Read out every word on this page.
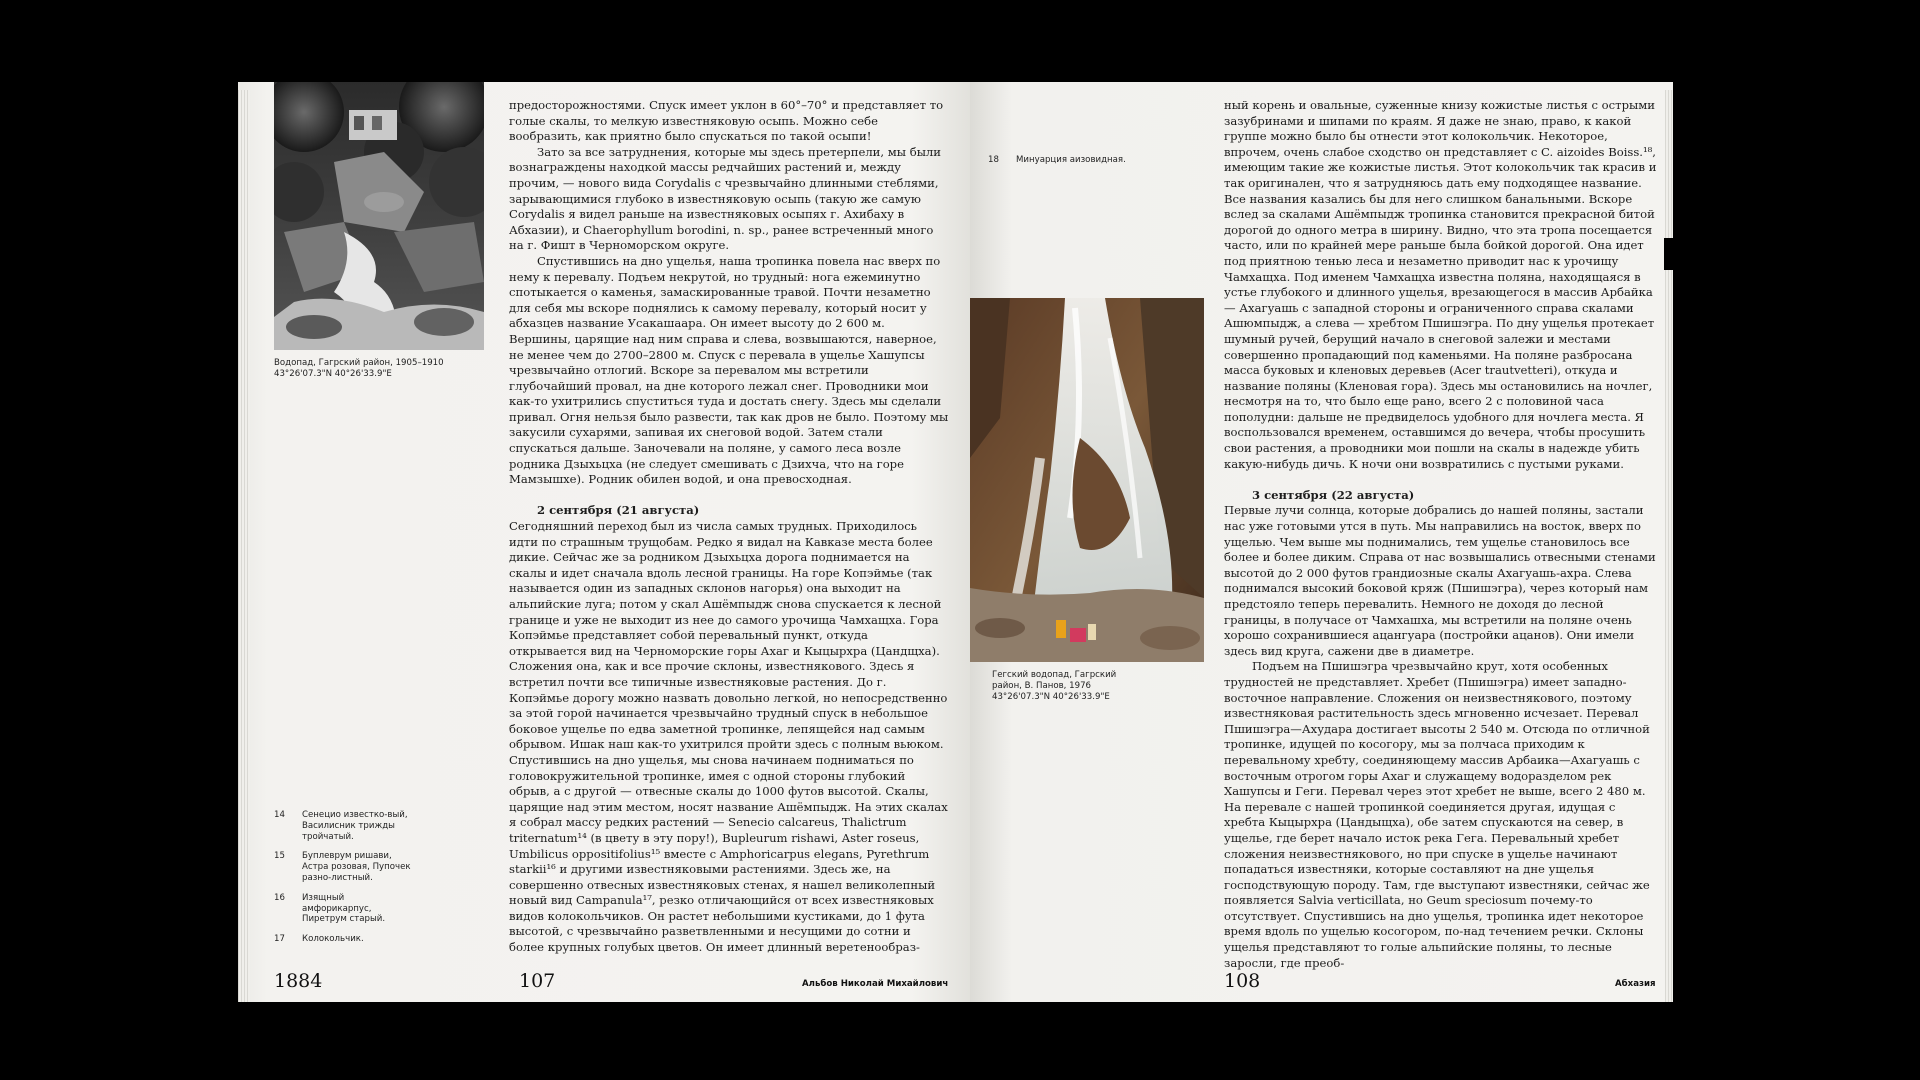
Водопад, Гагрский район, 1905–1910
43°26'07.3"N 40°26'33.9"E
14	Сенецио известко-вый, Василисник трижды тройчатый.
15	Буплеврум ришави, Астра розовая, Пупочек разно-листный.
16	Изящный амфорикарпус, Пиретрум старый.
17	Колокольчик.
1884	107	Альбов Николай Михайлович

предосторожностями. Спуск имеет уклон в 60°–70° и представляет то голые скалы, то мелкую известняковую осыпь. Можно себе вообразить, как приятно было спускаться по такой осыпи!

Зато за все затруднения, которые мы здесь претерпели, мы были вознаграждены находкой массы редчайших растений и, между прочим, — нового вида Corydalis с чрезвычайно длинными стеблями, зарывающимися глубоко в известняковую осыпь (такую же самую Corydalis я видел раньше на известняковых осыпях г. Ахибаху в Абхазии), и Chaerophyllum borodini, n. sp., ранее встреченный много на г. Фишт в Черноморском округе.

Спустившись на дно ущелья, наша тропинка повела нас вверх по нему к перевалу. Подъем некрутой, но трудный: нога ежеминутно спотыкается о каменья, замаскированные травой. Почти незаметно для себя мы вскоре поднялись к самому перевалу, который носит у абхазцев название Усакашаара. Он имеет высоту до 2 600 м. Вершины, царящие над ним справа и слева, возвышаются, наверное, не менее чем до 2700–2800 м. Спуск с перевала в ущелье Хашупсы чрезвычайно отлогий. Вскоре за перевалом мы встретили глубочайший провал, на дне которого лежал снег. Проводники мои как-то ухитрились спуститься туда и достать снегу. Здесь мы сделали привал. Огня нельзя было развести, так как дров не было. Поэтому мы закусили сухарями, запивая их снеговой водой. Затем стали спускаться дальше. Заночевали на поляне, у самого леса возле родника Дзыхьцха (не следует смешивать с Дзихча, что на горе Мамзышхе). Родник обилен водой, и она превосходная.

2 сентября (21 августа)

Сегодняшний переход был из числа самых трудных. Приходилось идти по страшным трущобам. Редко я видал на Кавказе места более дикие. Сейчас же за родником Дзыхьцха дорога поднимается на скалы и идет сначала вдоль лесной границы. На горе Копэймье (так называется один из западных склонов нагорья) она выходит на альпийские луга; потом у скал Ашёмпыдж снова спускается к лесной границе и уже не выходит из нее до самого урочища Чамхащха. Гора Копэймье представляет собой перевальный пункт, откуда открывается вид на Черноморские горы Ахаг и Кыцырхра (Цандщха). Сложения она, как и все прочие склоны, известнякового. Здесь я встретил почти все типичные известняковые растения. До г. Копэймье дорогу можно назвать довольно легкой, но непосредственно за этой горой начинается чрезвычайно трудный спуск в небольшое боковое ущелье по едва заметной тропинке, лепящейся над самым обрывом. Ишак наш как-то ухитрился пройти здесь с полным вьюком. Спустившись на дно ущелья, мы снова начинаем подниматься по головокружительной тропинке, имея с одной стороны глубокий обрыв, а с другой — отвесные скалы до 1000 футов высотой. Скалы, царящие над этим местом, носят название Ашёмпыдж. На этих скалах я собрал массу редких растений — Senecio calcareus, Thalictrum triternatum¹⁴ (в цвету в эту пору!), Bupleurum rishawi, Aster roseus, Umbilicus oppositifolius¹⁵ вместе с Amphoricarpus elegans, Pyrethrum starkii¹⁶ и другими известняковыми растениями. Здесь же, на совершенно отвесных известняковых стенах, я нашел великолепный новый вид Campanula¹⁷, резко отличающийся от всех известняковых видов колокольчиков. Он растет небольшими кустиками, до 1 фута высотой, с чрезвычайно разветвленными и несущими до сотни и более крупных голубых цветов. Он имеет длинный веретенообраз-

18	Минуарция аизовидная.
Гегский водопад, Гагрский район, В. Панов, 1976
43°26'07.3"N 40°26'33.9"E
108	Абхазия

ный корень и овальные, суженные книзу кожистые листья с острыми зазубринами и шипами по краям. Я даже не знаю, право, к какой группе можно было бы отнести этот колокольчик. Некоторое, впрочем, очень слабое сходство он представляет с C. aizoides Boiss.¹⁸, имеющим такие же кожистые листья. Этот колокольчик так красив и так оригинален, что я затрудняюсь дать ему подходящее название. Все названия казались бы для него слишком банальными. Вскоре вслед за скалами Ашёмпыдж тропинка становится прекрасной битой дорогой до одного метра в ширину. Видно, что эта тропа посещается часто, или по крайней мере раньше была бойкой дорогой. Она идет под приятною тенью леса и незаметно приводит нас к урочищу Чамхащха. Под именем Чамхащха известна поляна, находящаяся в устье глубокого и длинного ущелья, врезающегося в массив Арбайка— Ахагуашь с западной стороны и ограниченного справа скалами Ашюмпыдж, а слева — хребтом Пшишэгра. По дну ущелья протекает шумный ручей, берущий начало в снеговой залежи и местами совершенно пропадающий под каменьями. На поляне разбросана масса буковых и кленовых деревьев (Acer trautvetteri), откуда и название поляны (Кленовая гора). Здесь мы остановились на ночлег, несмотря на то, что было еще рано, всего 2 с половиной часа пополудни: дальше не предвиделось удобного для ночлега места. Я воспользовался временем, оставшимся до вечера, чтобы просушить свои растения, а проводники мои пошли на скалы в надежде убить какую-нибудь дичь. К ночи они возвратились с пустыми руками.

3 сентября (22 августа)

Первые лучи солнца, которые добрались до нашей поляны, застали нас уже готовыми утся в путь. Мы направились на восток, вверх по ущелью. Чем выше мы поднимались, тем ущелье становилось все более и более диким. Справа от нас возвышались отвесными стенами высотой до 2 000 футов грандиозные скалы Ахагуашь-ахра. Слева поднимался высокий боковой кряж (Пшишэгра), через который нам предстояло теперь перевалить. Немного не доходя до лесной границы, в получасе от Чамхашха, мы встретили на поляне очень хорошо сохранившиеся ацангуара (постройки ацанов). Они имели здесь вид круга, сажени две в диаметре.

Подъем на Пшишэгра чрезвычайно крут, хотя особенных трудностей не представляет. Хребет (Пшишэгра) имеет западно-восточное направление. Сложения он неизвестнякового, поэтому известняковая растительность здесь мгновенно исчезает. Перевал Пшишэгра—Ахудара достигает высоты 2 540 м. Отсюда по отличной тропинке, идущей по косогору, мы за полчаса приходим к перевальному хребту, соединяющему массив Арбаика—Ахагуашь с восточным отрогом горы Ахаг и служащему водоразделом рек Хашупсы и Геги. Перевал через этот хребет не выше, всего 2 480 м. На перевале с нашей тропинкой соединяется другая, идущая с хребта Кыцырхра (Цандыщха), обе затем спускаются на север, в ущелье, где берет начало исток река Гега. Перевальный хребет сложения неизвестнякового, но при спуске в ущелье начинают попадаться известняки, которые составляют на дне ущелья господствующую породу. Там, где выступают известняки, сейчас же появляется Salvia verticillata, но Geum speciosum почему-то отсутствует. Спустившись на дно ущелья, тропинка идет некоторое время вдоль по ущелью косогором, по-над течением речки. Склоны ущелья представляют то голые альпийские поляны, то лесные заросли, где преоб-
